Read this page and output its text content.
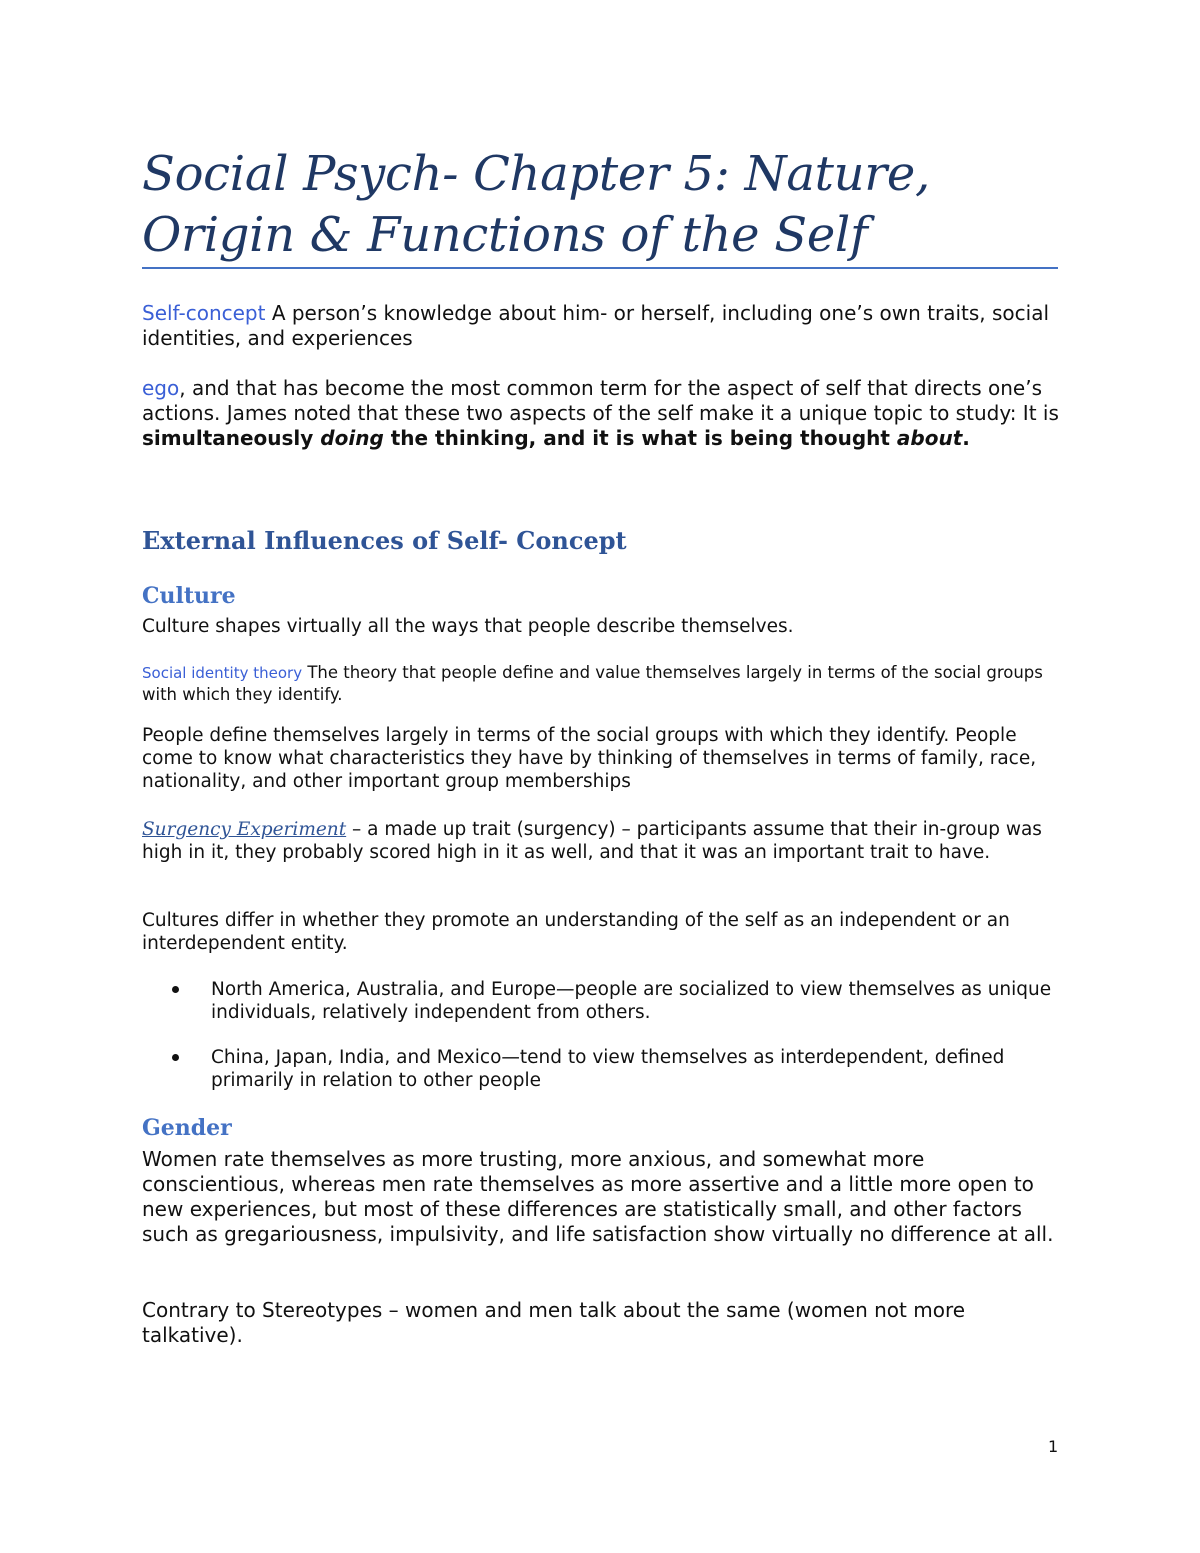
Social Psych- Chapter 5: Nature, Origin & Functions of the Self

Self-concept A person’s knowledge about him- or herself, including one’s own traits, social identities, and experiences

ego, and that has become the most common term for the aspect of self that directs one’s actions. James noted that these two aspects of the self make it a unique topic to study: It is simultaneously doing the thinking, and it is what is being thought about.

External Influences of Self- Concept
Culture

Culture shapes virtually all the ways that people describe themselves.

Social identity theory The theory that people define and value themselves largely in terms of the social groups with which they identify.

People define themselves largely in terms of the social groups with which they identify. People come to know what characteristics they have by thinking of themselves in terms of family, race, nationality, and other important group memberships

Surgency Experiment – a made up trait (surgency) – participants assume that their in-group was high in it, they probably scored high in it as well, and that it was an important trait to have.

Cultures differ in whether they promote an understanding of the self as an independent or an interdependent entity.

North America, Australia, and Europe—people are socialized to view themselves as unique individuals, relatively independent from others.
China, Japan, India, and Mexico—tend to view themselves as interdependent, defined primarily in relation to other people
Gender

Women rate themselves as more trusting, more anxious, and somewhat more conscientious, whereas men rate themselves as more assertive and a little more open to new experiences, but most of these differences are statistically small, and other factors such as gregariousness, impulsivity, and life satisfaction show virtually no difference at all.

Contrary to Stereotypes – women and men talk about the same (women not more talkative).

1
